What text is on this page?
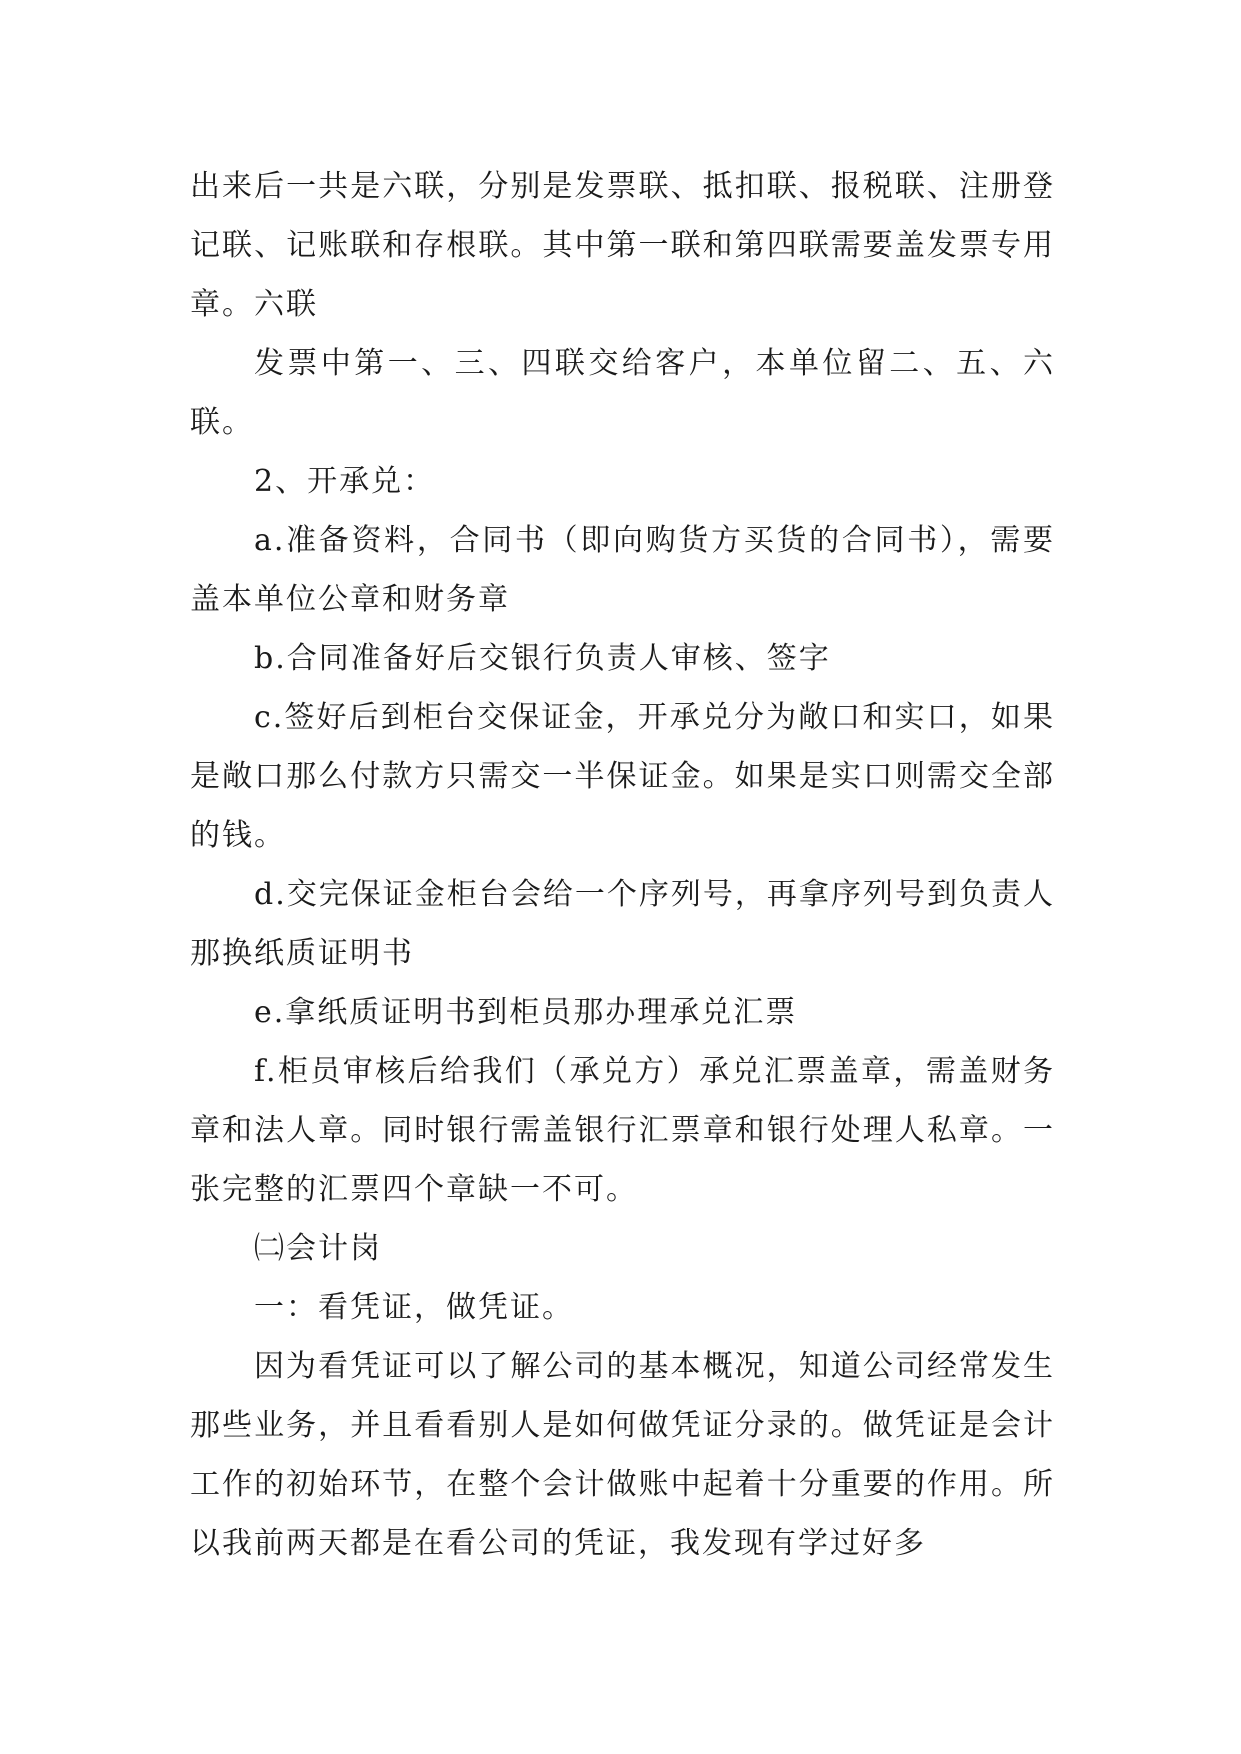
出来后一共是六联，分别是发票联、抵扣联、报税联、注册登记联、记账联和存根联。其中第一联和第四联需要盖发票专用章。六联

发票中第一、三、四联交给客户，本单位留二、五、六联。

2、开承兑：

a.准备资料，合同书（即向购货方买货的合同书），需要盖本单位公章和财务章

b.合同准备好后交银行负责人审核、签字

c.签好后到柜台交保证金，开承兑分为敞口和实口，如果是敞口那么付款方只需交一半保证金。如果是实口则需交全部的钱。

d.交完保证金柜台会给一个序列号，再拿序列号到负责人那换纸质证明书

e.拿纸质证明书到柜员那办理承兑汇票

f.柜员审核后给我们（承兑方）承兑汇票盖章，需盖财务章和法人章。同时银行需盖银行汇票章和银行处理人私章。一张完整的汇票四个章缺一不可。

㈡会计岗

一：看凭证，做凭证。

因为看凭证可以了解公司的基本概况，知道公司经常发生那些业务，并且看看别人是如何做凭证分录的。做凭证是会计工作的初始环节，在整个会计做账中起着十分重要的作用。所以我前两天都是在看公司的凭证，我发现有学过好多
